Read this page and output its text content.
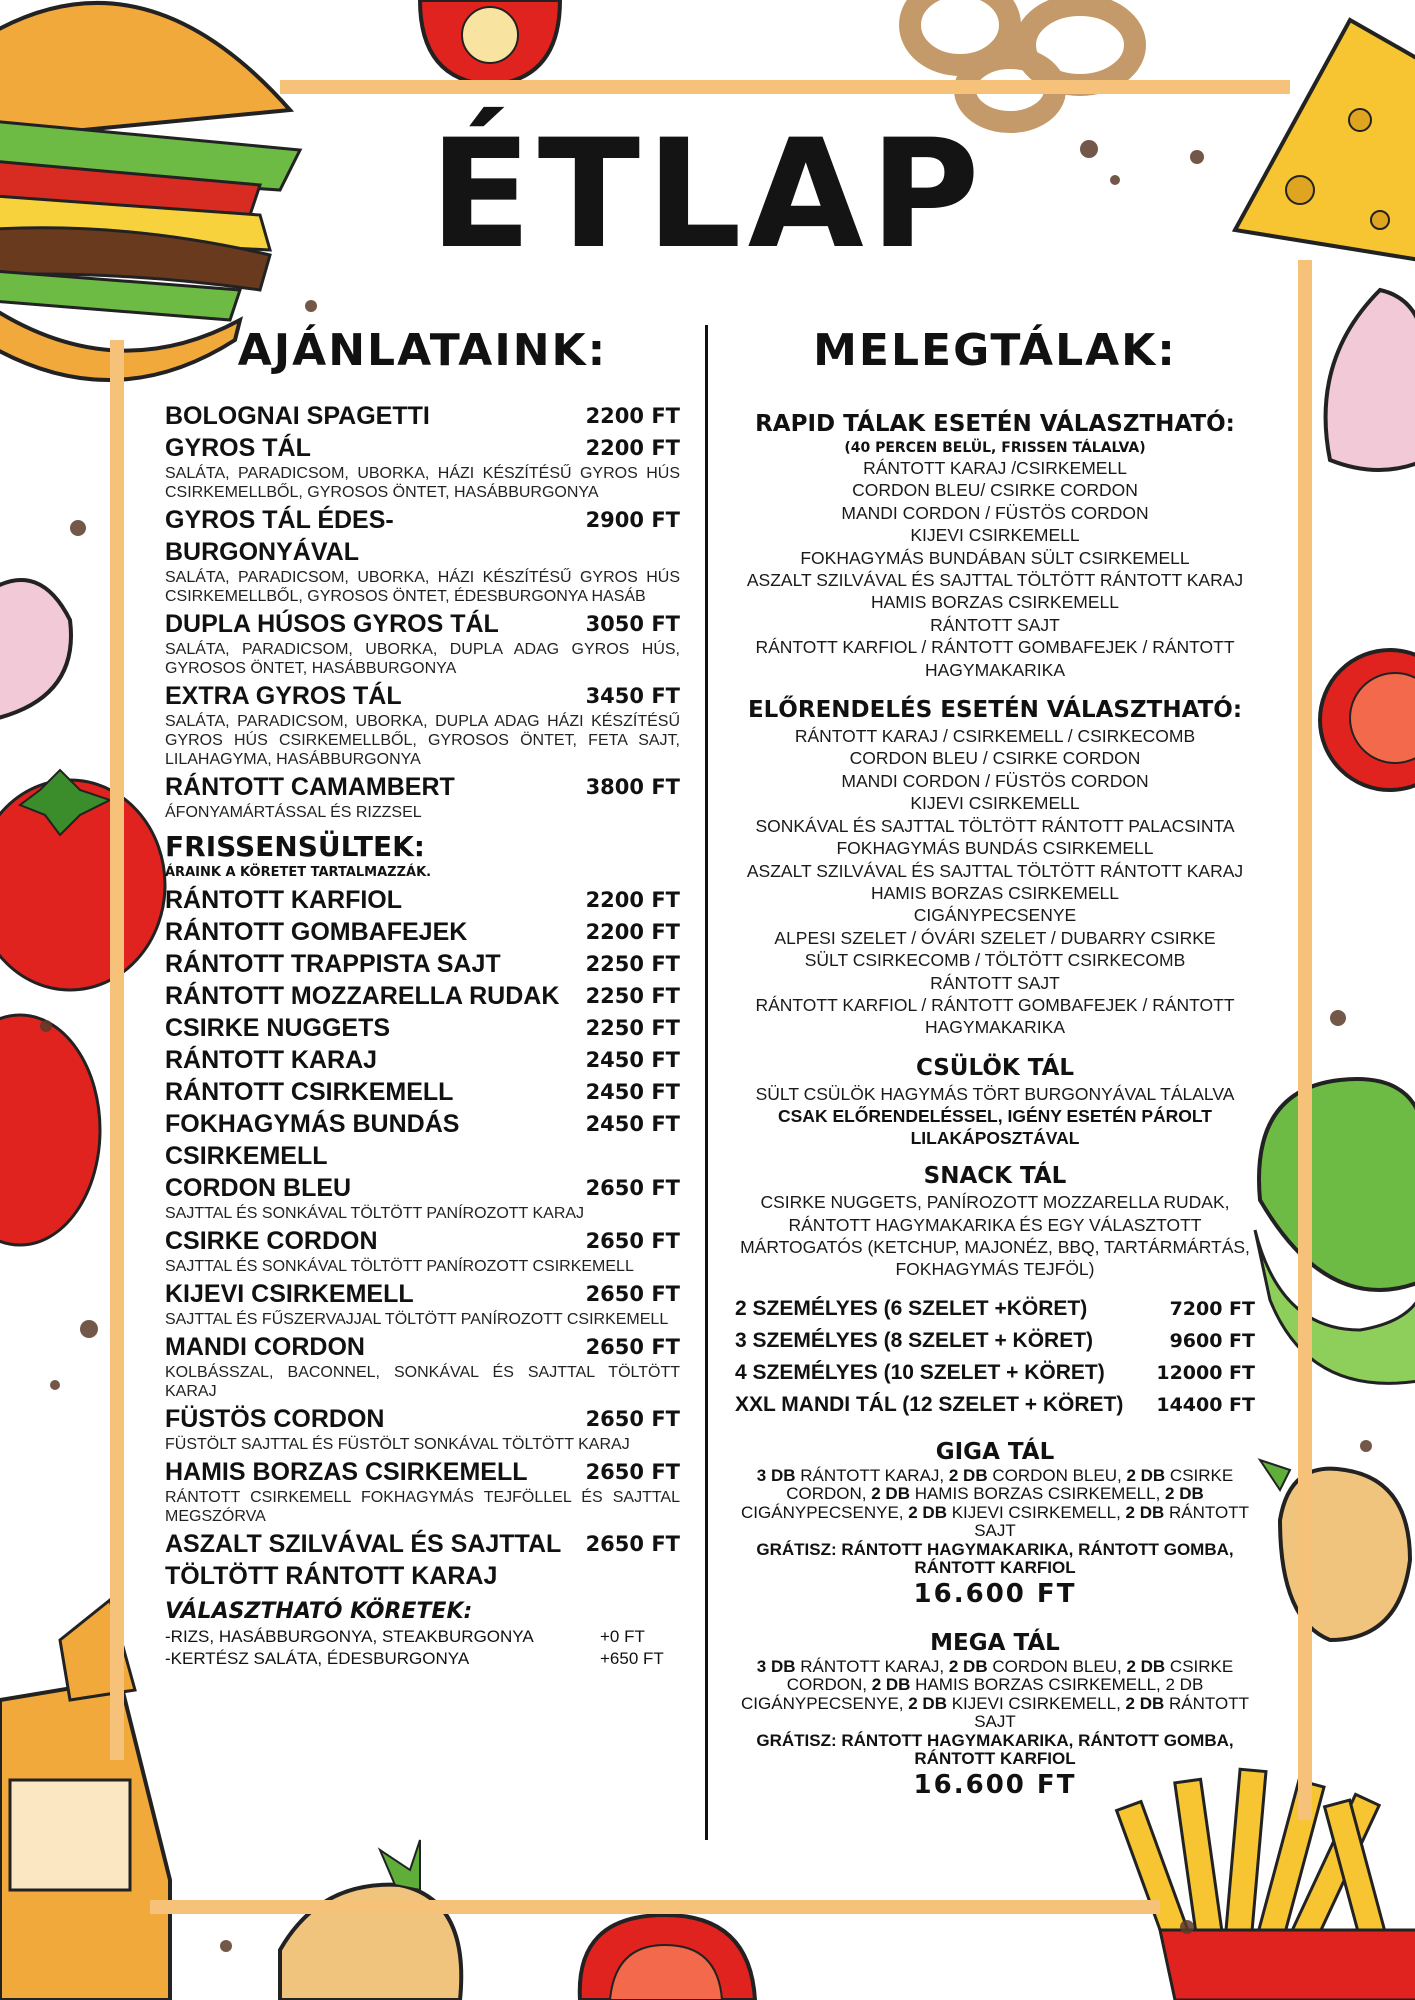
ÉTLAP
AJÁNLATAINK:	MELEGTÁLAK:
BOLOGNAI SPAGETTI	2200 FT
GYROS TÁL	2200 FT
SALÁTA, PARADICSOM, UBORKA, HÁZI KÉSZÍTÉSŰ GYROS HÚS CSIRKEMELLBŐL, GYROSOS ÖNTET, HASÁBBURGONYA
GYROS TÁL ÉDES-BURGONYÁVAL
2900 FT
SALÁTA, PARADICSOM, UBORKA, HÁZI KÉSZÍTÉSŰ GYROS HÚS CSIRKEMELLBŐL, GYROSOS ÖNTET, ÉDESBURGONYA HASÁB
DUPLA HÚSOS GYROS TÁL	3050 FT
SALÁTA, PARADICSOM, UBORKA, DUPLA ADAG GYROS HÚS, GYROSOS ÖNTET, HASÁBBURGONYA
EXTRA GYROS TÁL	3450 FT
SALÁTA, PARADICSOM, UBORKA, DUPLA ADAG HÁZI KÉSZÍTÉSŰ GYROS HÚS CSIRKEMELLBŐL, GYROSOS ÖNTET, FETA SAJT, LILAHAGYMA, HASÁBBURGONYA
RÁNTOTT CAMAMBERT	3800 FT
ÁFONYAMÁRTÁSSAL ÉS RIZZSEL
FRISSENSÜLTEK:
ÁRAINK A KÖRETET TARTALMAZZÁK.
RÁNTOTT KARFIOL	2200 FT
RÁNTOTT GOMBAFEJEK	2200 FT
RÁNTOTT TRAPPISTA SAJT	2250 FT
RÁNTOTT MOZZARELLA RUDAK 2250 FT
CSIRKE NUGGETS	2250 FT
RÁNTOTT KARAJ	2450 FT
RÁNTOTT CSIRKEMELL	2450 FT
FOKHAGYMÁS BUNDÁS CSIRKEMELL
2450 FT
CORDON BLEU	2650 FT
SAJTTAL ÉS SONKÁVAL TÖLTÖTT PANÍROZOTT KARAJ
CSIRKE CORDON	2650 FT
SAJTTAL ÉS SONKÁVAL TÖLTÖTT PANÍROZOTT CSIRKEMELL
KIJEVI CSIRKEMELL	2650 FT
SAJTTAL ÉS FŰSZERVAJJAL TÖLTÖTT PANÍROZOTT CSIRKEMELL
MANDI CORDON	2650 FT
KOLBÁSSZAL, BACONNEL, SONKÁVAL ÉS SAJTTAL TÖLTÖTT KARAJ
FÜSTÖS CORDON	2650 FT
FÜSTÖLT SAJTTAL ÉS FÜSTÖLT SONKÁVAL TÖLTÖTT KARAJ
HAMIS BORZAS CSIRKEMELL	2650 FT
RÁNTOTT CSIRKEMELL FOKHAGYMÁS TEJFÖLLEL ÉS SAJTTAL MEGSZÓRVA
ASZALT SZILVÁVAL ÉS SAJTTAL TÖLTÖTT RÁNTOTT KARAJ
2650 FT
VÁLASZTHATÓ KÖRETEK:
-RIZS, HASÁBBURGONYA, STEAKBURGONYA	+0 FT
-KERTÉSZ SALÁTA, ÉDESBURGONYA	+650 FT
RAPID TÁLAK ESETÉN VÁLASZTHATÓ:
(40 PERCEN BELÜL, FRISSEN TÁLALVA)
RÁNTOTT KARAJ /CSIRKEMELL
CORDON BLEU/ CSIRKE CORDON
MANDI CORDON / FÜSTÖS CORDON
KIJEVI CSIRKEMELL
FOKHAGYMÁS BUNDÁBAN SÜLT CSIRKEMELL
ASZALT SZILVÁVAL ÉS SAJTTAL TÖLTÖTT RÁNTOTT KARAJ
HAMIS BORZAS CSIRKEMELL
RÁNTOTT SAJT
RÁNTOTT KARFIOL / RÁNTOTT GOMBAFEJEK / RÁNTOTT HAGYMAKARIKA
ELŐRENDELÉS ESETÉN VÁLASZTHATÓ:
RÁNTOTT KARAJ / CSIRKEMELL / CSIRKECOMB
CORDON BLEU / CSIRKE CORDON
MANDI CORDON / FÜSTÖS CORDON
KIJEVI CSIRKEMELL
SONKÁVAL ÉS SAJTTAL TÖLTÖTT RÁNTOTT PALACSINTA
FOKHAGYMÁS BUNDÁS CSIRKEMELL
ASZALT SZILVÁVAL ÉS SAJTTAL TÖLTÖTT RÁNTOTT KARAJ
HAMIS BORZAS CSIRKEMELL
CIGÁNYPECSENYE
ALPESI SZELET / ÓVÁRI SZELET / DUBARRY CSIRKE
SÜLT CSIRKECOMB / TÖLTÖTT CSIRKECOMB
RÁNTOTT SAJT
RÁNTOTT KARFIOL / RÁNTOTT GOMBAFEJEK / RÁNTOTT HAGYMAKARIKA
CSÜLÖK TÁL
SÜLT CSÜLÖK HAGYMÁS TÖRT BURGONYÁVAL TÁLALVA
CSAK ELŐRENDELÉSSEL, IGÉNY ESETÉN PÁROLT LILAKÁPOSZTÁVAL
SNACK TÁL
CSIRKE NUGGETS, PANÍROZOTT MOZZARELLA RUDAK, RÁNTOTT HAGYMAKARIKA ÉS EGY VÁLASZTOTT MÁRTOGATÓS (KETCHUP, MAJONÉZ, BBQ, TARTÁRMÁRTÁS, FOKHAGYMÁS TEJFÖL)
2 SZEMÉLYES (6 SZELET +KÖRET)	7200 FT
3 SZEMÉLYES (8 SZELET + KÖRET)	9600 FT
4 SZEMÉLYES (10 SZELET + KÖRET)	12000 FT
XXL MANDI TÁL (12 SZELET + KÖRET) 14400 FT
GIGA TÁL
3 DB RÁNTOTT KARAJ, 2 DB CORDON BLEU, 2 DB CSIRKE CORDON, 2 DB HAMIS BORZAS CSIRKEMELL, 2 DB CIGÁNYPECSENYE, 2 DB KIJEVI CSIRKEMELL, 2 DB RÁNTOTT SAJT
GRÁTISZ: RÁNTOTT HAGYMAKARIKA, RÁNTOTT GOMBA, RÁNTOTT KARFIOL
16.600 FT
MEGA TÁL
3 DB RÁNTOTT KARAJ, 2 DB CORDON BLEU, 2 DB CSIRKE CORDON, 2 DB HAMIS BORZAS CSIRKEMELL, 2 DB CIGÁNYPECSENYE, 2 DB KIJEVI CSIRKEMELL, 2 DB RÁNTOTT SAJT
GRÁTISZ: RÁNTOTT HAGYMAKARIKA, RÁNTOTT GOMBA, RÁNTOTT KARFIOL
16.600 FT
